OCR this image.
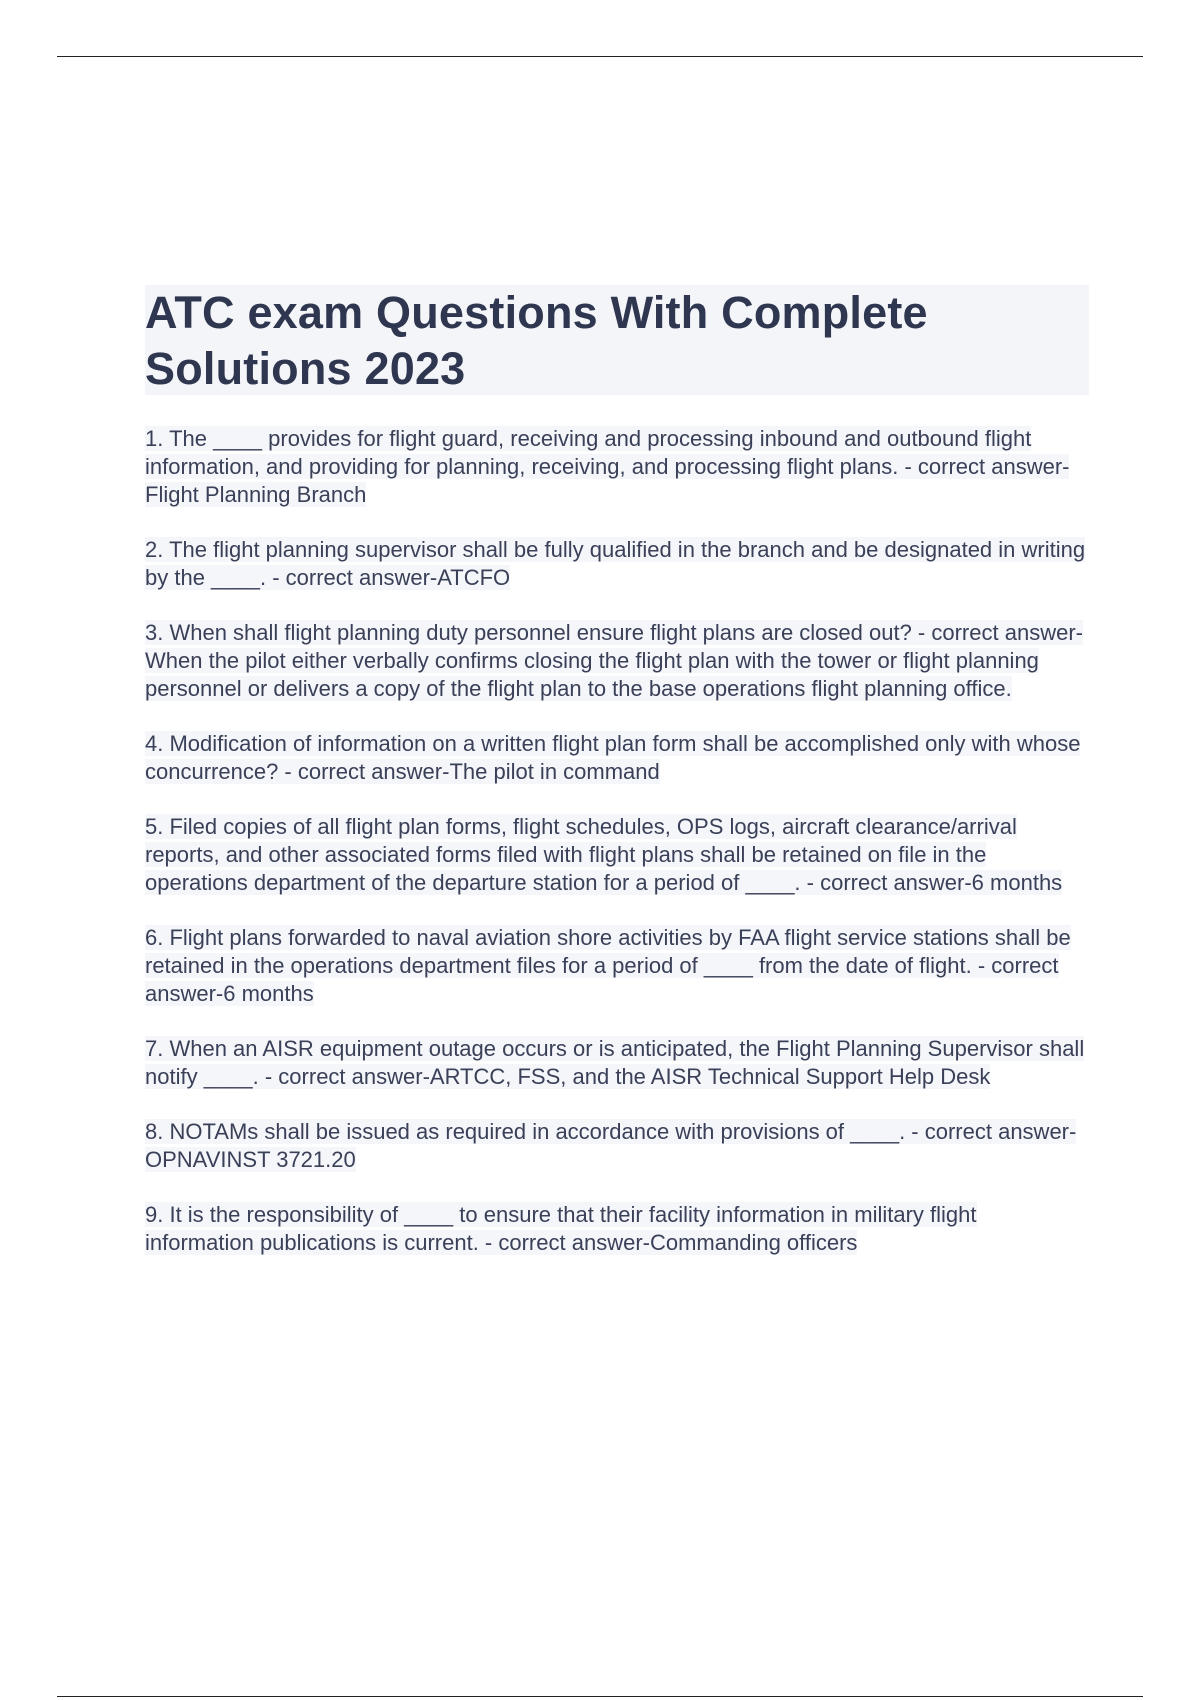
ATC exam Questions With Complete Solutions 2023
1. The ____ provides for flight guard, receiving and processing inbound and outbound flight information, and providing for planning, receiving, and processing flight plans. - correct answer-Flight Planning Branch
2. The flight planning supervisor shall be fully qualified in the branch and be designated in writing by the ____. - correct answer-ATCFO
3. When shall flight planning duty personnel ensure flight plans are closed out? - correct answer-When the pilot either verbally confirms closing the flight plan with the tower or flight planning personnel or delivers a copy of the flight plan to the base operations flight planning office.
4. Modification of information on a written flight plan form shall be accomplished only with whose concurrence? - correct answer-The pilot in command
5. Filed copies of all flight plan forms, flight schedules, OPS logs, aircraft clearance/arrival reports, and other associated forms filed with flight plans shall be retained on file in the operations department of the departure station for a period of ____. - correct answer-6 months
6. Flight plans forwarded to naval aviation shore activities by FAA flight service stations shall be retained in the operations department files for a period of ____ from the date of flight. - correct answer-6 months
7. When an AISR equipment outage occurs or is anticipated, the Flight Planning Supervisor shall notify ____. - correct answer-ARTCC, FSS, and the AISR Technical Support Help Desk
8. NOTAMs shall be issued as required in accordance with provisions of ____. - correct answer-OPNAVINST 3721.20
9. It is the responsibility of ____ to ensure that their facility information in military flight information publications is current. - correct answer-Commanding officers
